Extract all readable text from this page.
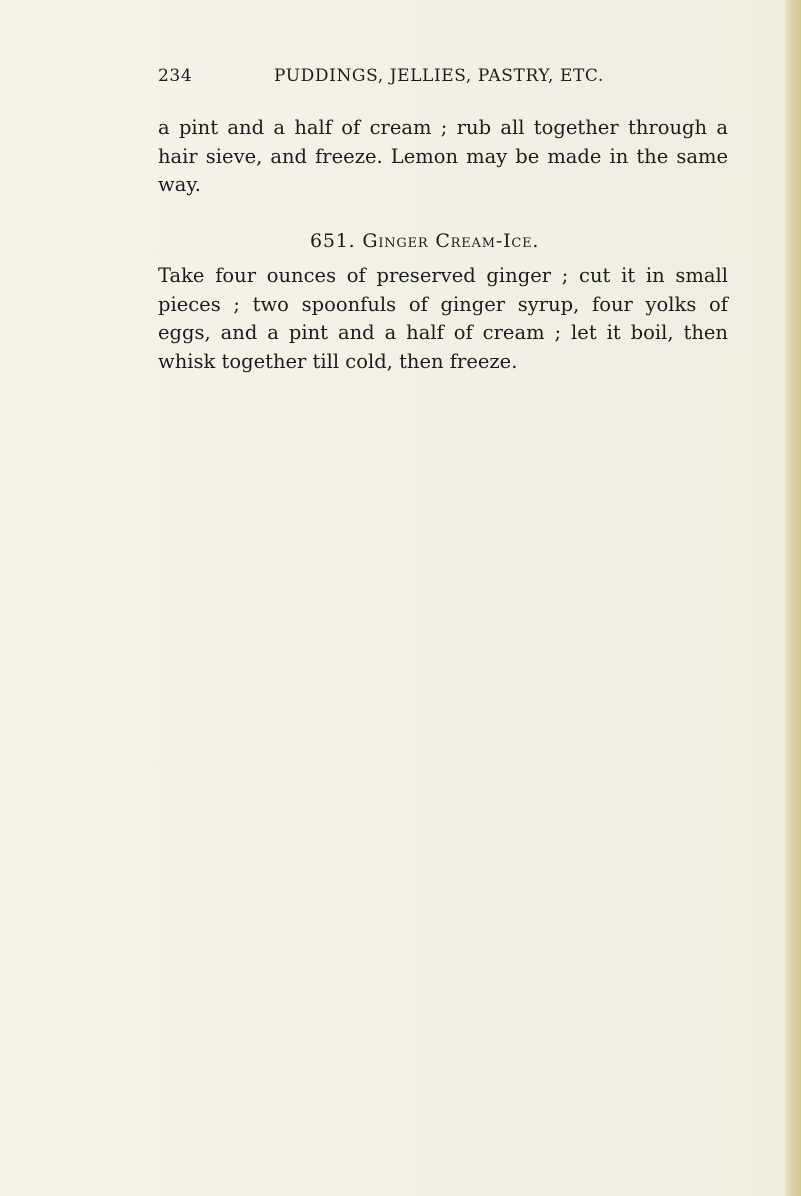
234	PUDDINGS, JELLIES, PASTRY, ETC.

a pint and a half of cream ; rub all together through a hair sieve, and freeze. Lemon may be made in the same way.

651. Ginger Cream-Ice.

Take four ounces of preserved ginger ; cut it in small pieces ; two spoonfuls of ginger syrup, four yolks of eggs, and a pint and a half of cream ; let it boil, then whisk together till cold, then freeze.
